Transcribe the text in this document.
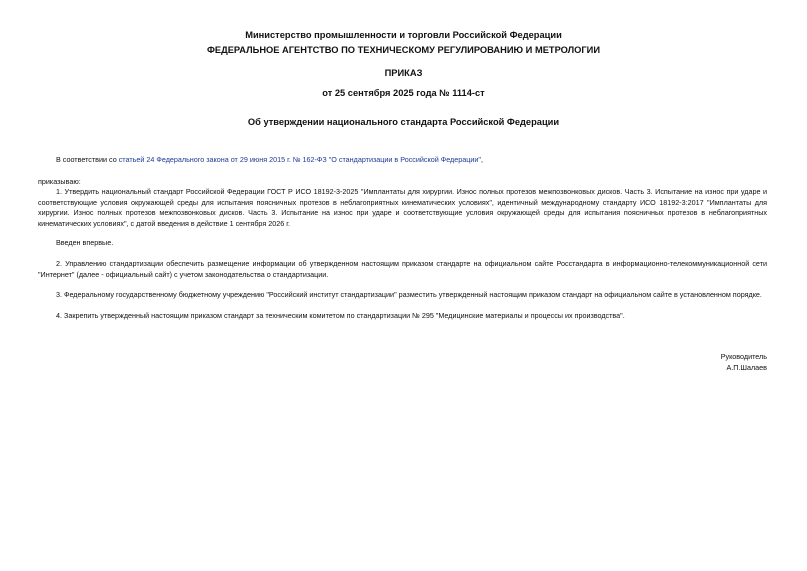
Министерство промышленности и торговли Российской Федерации
ФЕДЕРАЛЬНОЕ АГЕНТСТВО ПО ТЕХНИЧЕСКОМУ РЕГУЛИРОВАНИЮ И МЕТРОЛОГИИ
ПРИКАЗ
от 25 сентября 2025 года № 1114-ст
Об утверждении национального стандарта Российской Федерации
В соответствии со статьей 24 Федерального закона от 29 июня 2015 г. № 162-ФЗ "О стандартизации в Российской Федерации",
приказываю:
1. Утвердить национальный стандарт Российской Федерации ГОСТ Р ИСО 18192-3-2025 "Имплантаты для хирургии. Износ полных протезов межпозвонковых дисков. Часть 3. Испытание на износ при ударе и соответствующие условия окружающей среды для испытания поясничных протезов в неблагоприятных кинематических условиях", идентичный международному стандарту ИСО 18192-3:2017 "Имплантаты для хирургии. Износ полных протезов межпозвонковых дисков. Часть 3. Испытание на износ при ударе и соответствующие условия окружающей среды для испытания поясничных протезов в неблагоприятных кинематических условиях", с датой введения в действие 1 сентября 2026 г.
Введен впервые.
2. Управлению стандартизации обеспечить размещение информации об утвержденном настоящим приказом стандарте на официальном сайте Росстандарта в информационно-телекоммуникационной сети "Интернет" (далее - официальный сайт) с учетом законодательства о стандартизации.
3. Федеральному государственному бюджетному учреждению "Российский институт стандартизации" разместить утвержденный настоящим приказом стандарт на официальном сайте в установленном порядке.
4. Закрепить утвержденный настоящим приказом стандарт за техническим комитетом по стандартизации № 295 "Медицинские материалы и процессы их производства".
Руководитель
А.П.Шалаев
